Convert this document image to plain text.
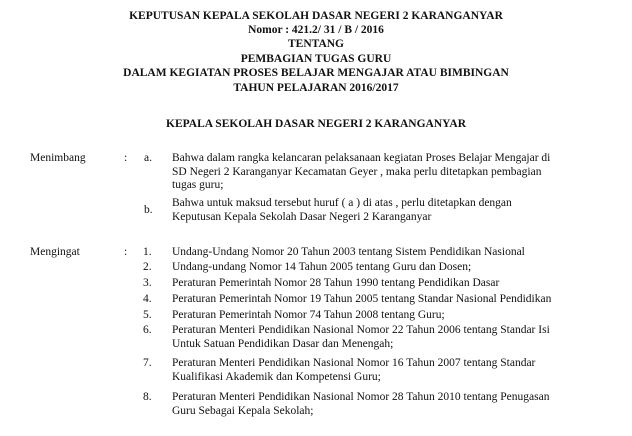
KEPUTUSAN KEPALA SEKOLAH DASAR NEGERI 2 KARANGANYAR
Nomor : 421.2/ 31 / B / 2016
TENTANG
PEMBAGIAN TUGAS GURU
DALAM KEGIATAN PROSES BELAJAR MENGAJAR ATAU BIMBINGAN
TAHUN PELAJARAN 2016/2017
KEPALA SEKOLAH DASAR NEGERI 2 KARANGANYAR
Menimbang	: a. Bahwa dalam rangka kelancaran pelaksanaan kegiatan Proses Belajar Mengajar di
SD Negeri 2 Karanganyar Kecamatan Geyer , maka perlu ditetapkan pembagian
tugas guru;
b.
Bahwa untuk maksud tersebut huruf ( a ) di atas , perlu ditetapkan dengan
Keputusan Kepala Sekolah Dasar Negeri 2 Karanganyar
Mengingat	: 1. Undang-Undang Nomor 20 Tahun 2003 tentang Sistem Pendidikan Nasional
2. Undang-undang Nomor 14 Tahun 2005 tentang Guru dan Dosen;
3. Peraturan Pemerintah Nomor 28 Tahun 1990 tentang Pendidikan Dasar
4. Peraturan Pemerintah Nomor 19 Tahun 2005 tentang Standar Nasional Pendidikan
5. Peraturan Pemerintah Nomor 74 Tahun 2008 tentang Guru;
6. Peraturan Menteri Pendidikan Nasional Nomor 22 Tahun 2006 tentang Standar Isi
Untuk Satuan Pendidikan Dasar dan Menengah;
7. Peraturan Menteri Pendidikan Nasional Nomor 16 Tahun 2007 tentang Standar
Kualifikasi Akademik dan Kompetensi Guru;
8. Peraturan Menteri Pendidikan Nasional Nomor 28 Tahun 2010 tentang Penugasan
Guru Sebagai Kepala Sekolah;
